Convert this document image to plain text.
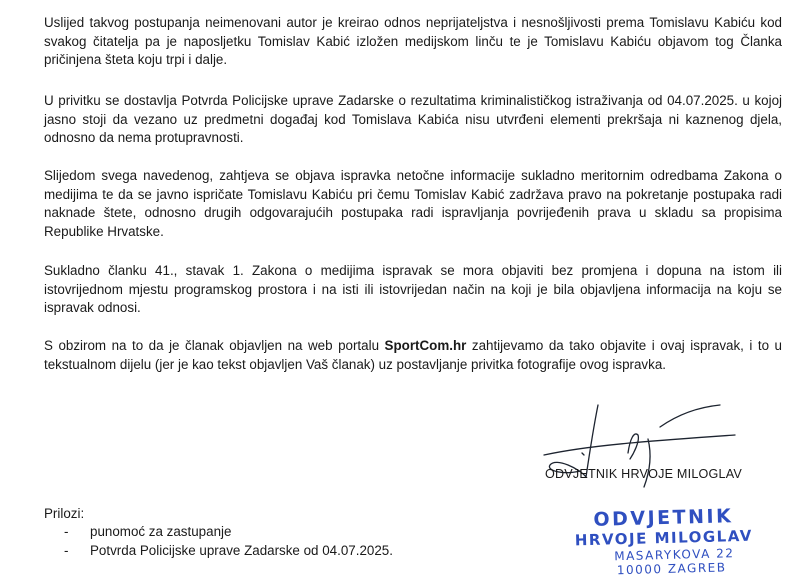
Uslijed takvog postupanja neimenovani autor je kreirao odnos neprijateljstva i nesnošljivosti prema Tomislavu Kabiću kod svakog čitatelja pa je naposljetku Tomislav Kabić izložen medijskom linču te je Tomislavu Kabiću objavom tog Članka pričinjena šteta koju trpi i dalje.

U privitku se dostavlja Potvrda Policijske uprave Zadarske o rezultatima kriminalističkog istraživanja od 04.07.2025. u kojoj jasno stoji da vezano uz predmetni događaj kod Tomislava Kabića nisu utvrđeni elementi prekršaja ni kaznenog djela, odnosno da nema protupravnosti.

Slijedom svega navedenog, zahtjeva se objava ispravka netočne informacije sukladno meritornim odredbama Zakona o medijima te da se javno ispričate Tomislavu Kabiću pri čemu Tomislav Kabić zadržava pravo na pokretanje postupaka radi naknade štete, odnosno drugih odgovarajućih postupaka radi ispravljanja povrijeđenih prava u skladu sa propisima Republike Hrvatske.

Sukladno članku 41., stavak 1. Zakona o medijima ispravak se mora objaviti bez promjena i dopuna na istom ili istovrijednom mjestu programskog prostora i na isti ili istovrijedan način na koji je bila objavljena informacija na koju se ispravak odnosi.

S obzirom na to da je članak objavljen na web portalu SportCom.hr zahtijevamo da tako objavite i ovaj ispravak, i to u tekstualnom dijelu (jer je kao tekst objavljen Vaš članak) uz postavljanje privitka fotografije ovog ispravka.

ODVJETNIK HRVOJE MILOGLAV

Prilozi:

- punomoć za zastupanje
- Potvrda Policijske uprave Zadarske od 04.07.2025.
ODVJETNIK
HRVOJE MILOGLAV
MASARYKOVA 22
10000 ZAGREB
